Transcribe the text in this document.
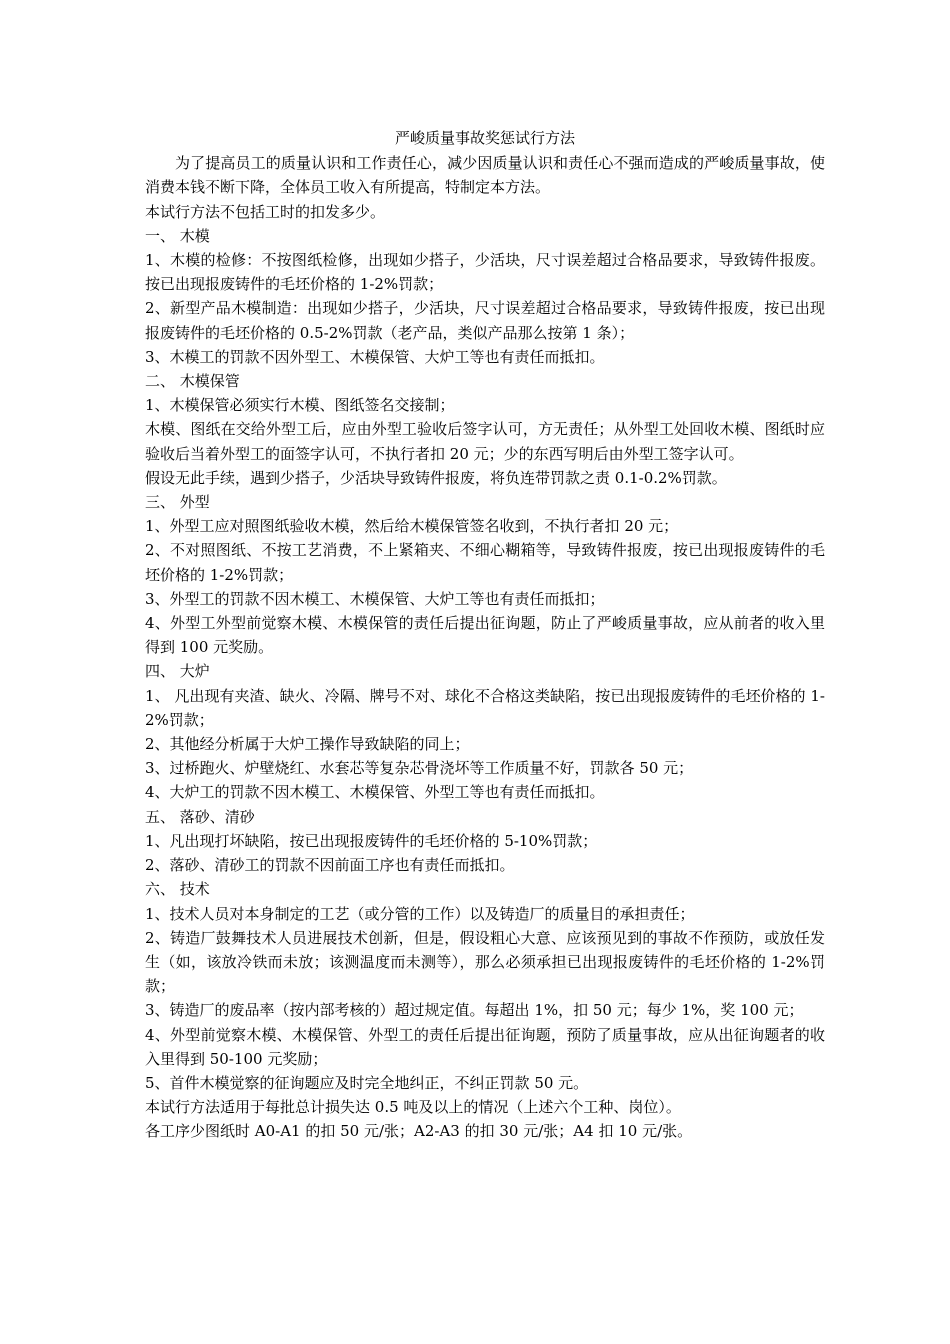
严峻质量事故奖惩试行方法
为了提高员工的质量认识和工作责任心，减少因质量认识和责任心不强而造成的严峻质量事故，使消费本钱不断下降，全体员工收入有所提高，特制定本方法。
本试行方法不包括工时的扣发多少。
一、 木模
1、木模的检修：不按图纸检修，出现如少搭子，少活块，尺寸误差超过合格品要求，导致铸件报废。按已出现报废铸件的毛坯价格的 1-2%罚款；
2、新型产品木模制造：出现如少搭子，少活块，尺寸误差超过合格品要求，导致铸件报废，按已出现报废铸件的毛坯价格的 0.5-2%罚款（老产品，类似产品那么按第 1 条）；
3、木模工的罚款不因外型工、木模保管、大炉工等也有责任而抵扣。
二、 木模保管
1、木模保管必须实行木模、图纸签名交接制；
木模、图纸在交给外型工后，应由外型工验收后签字认可，方无责任；从外型工处回收木模、图纸时应验收后当着外型工的面签字认可，不执行者扣 20 元；少的东西写明后由外型工签字认可。
假设无此手续，遇到少搭子，少活块导致铸件报废，将负连带罚款之责 0.1-0.2%罚款。
三、 外型
1、外型工应对照图纸验收木模，然后给木模保管签名收到，不执行者扣 20 元；
2、不对照图纸、不按工艺消费，不上紧箱夹、不细心糊箱等，导致铸件报废，按已出现报废铸件的毛坯价格的 1-2%罚款；
3、外型工的罚款不因木模工、木模保管、大炉工等也有责任而抵扣；
4、外型工外型前觉察木模、木模保管的责任后提出征询题，防止了严峻质量事故，应从前者的收入里得到 100 元奖励。
四、 大炉
1、 凡出现有夹渣、缺火、冷隔、牌号不对、球化不合格这类缺陷，按已出现报废铸件的毛坯价格的 1-2%罚款；
2、其他经分析属于大炉工操作导致缺陷的同上；
3、过桥跑火、炉壁烧红、水套芯等复杂芯骨浇坏等工作质量不好，罚款各 50 元；
4、大炉工的罚款不因木模工、木模保管、外型工等也有责任而抵扣。
五、 落砂、清砂
1、凡出现打坏缺陷，按已出现报废铸件的毛坯价格的 5-10%罚款；
2、落砂、清砂工的罚款不因前面工序也有责任而抵扣。
六、 技术
1、技术人员对本身制定的工艺（或分管的工作）以及铸造厂的质量目的承担责任；
2、铸造厂鼓舞技术人员进展技术创新，但是，假设粗心大意、应该预见到的事故不作预防，或放任发生（如，该放冷铁而未放；该测温度而未测等），那么必须承担已出现报废铸件的毛坯价格的 1-2%罚款；
3、铸造厂的废品率（按内部考核的）超过规定值。每超出 1%，扣 50 元；每少 1%，奖 100 元；
4、外型前觉察木模、木模保管、外型工的责任后提出征询题，预防了质量事故，应从出征询题者的收入里得到 50-100 元奖励；
5、首件木模觉察的征询题应及时完全地纠正，不纠正罚款 50 元。
本试行方法适用于每批总计损失达 0.5 吨及以上的情况（上述六个工种、岗位）。
各工序少图纸时 A0-A1 的扣 50 元/张；A2-A3 的扣 30 元/张；A4 扣 10 元/张。
